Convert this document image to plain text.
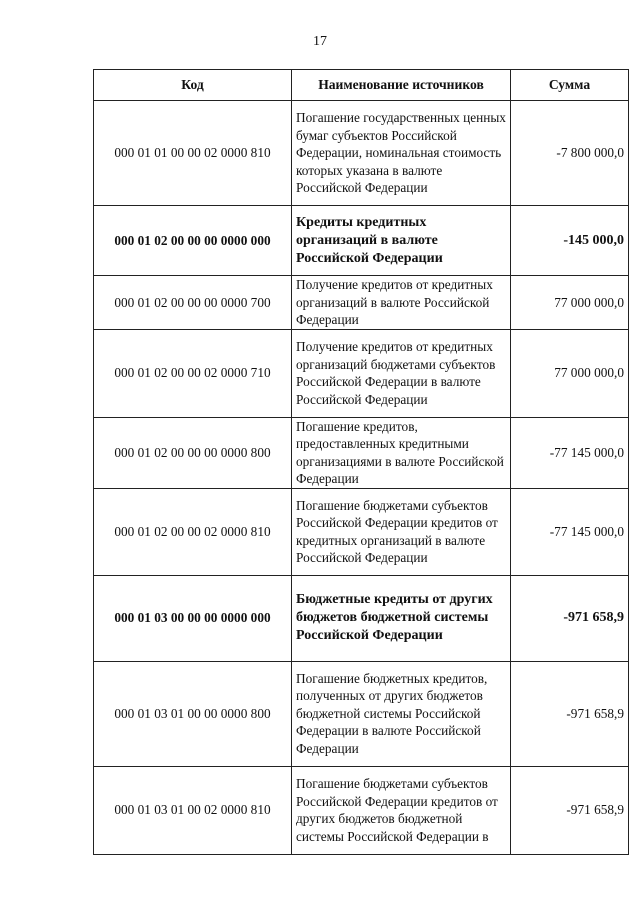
17
Код	Наименование источников	Сумма
000 01 01 00 00 02 0000 810	Погашение государственных ценных бумаг субъектов Российской Федерации, номинальная стоимость которых указана в валюте Российской Федерации	-7 800 000,0
000 01 02 00 00 00 0000 000	Кредиты кредитных организаций в валюте Российской Федерации	-145 000,0
000 01 02 00 00 00 0000 700	Получение кредитов от кредитных организаций в валюте Российской Федерации	77 000 000,0
000 01 02 00 00 02 0000 710	Получение кредитов от кредитных организаций бюджетами субъектов Российской Федерации в валюте Российской Федерации	77 000 000,0
000 01 02 00 00 00 0000 800	Погашение кредитов, предоставленных кредитными организациями в валюте Российской Федерации	-77 145 000,0
000 01 02 00 00 02 0000 810	Погашение бюджетами субъектов Российской Федерации кредитов от кредитных организаций в валюте Российской Федерации	-77 145 000,0
000 01 03 00 00 00 0000 000	Бюджетные кредиты от других бюджетов бюджетной системы Российской Федерации	-971 658,9
000 01 03 01 00 00 0000 800	Погашение бюджетных кредитов, полученных от других бюджетов бюджетной системы Российской Федерации в валюте Российской Федерации	-971 658,9
000 01 03 01 00 02 0000 810	Погашение бюджетами субъектов Российской Федерации кредитов от других бюджетов бюджетной системы Российской Федерации в	-971 658,9
